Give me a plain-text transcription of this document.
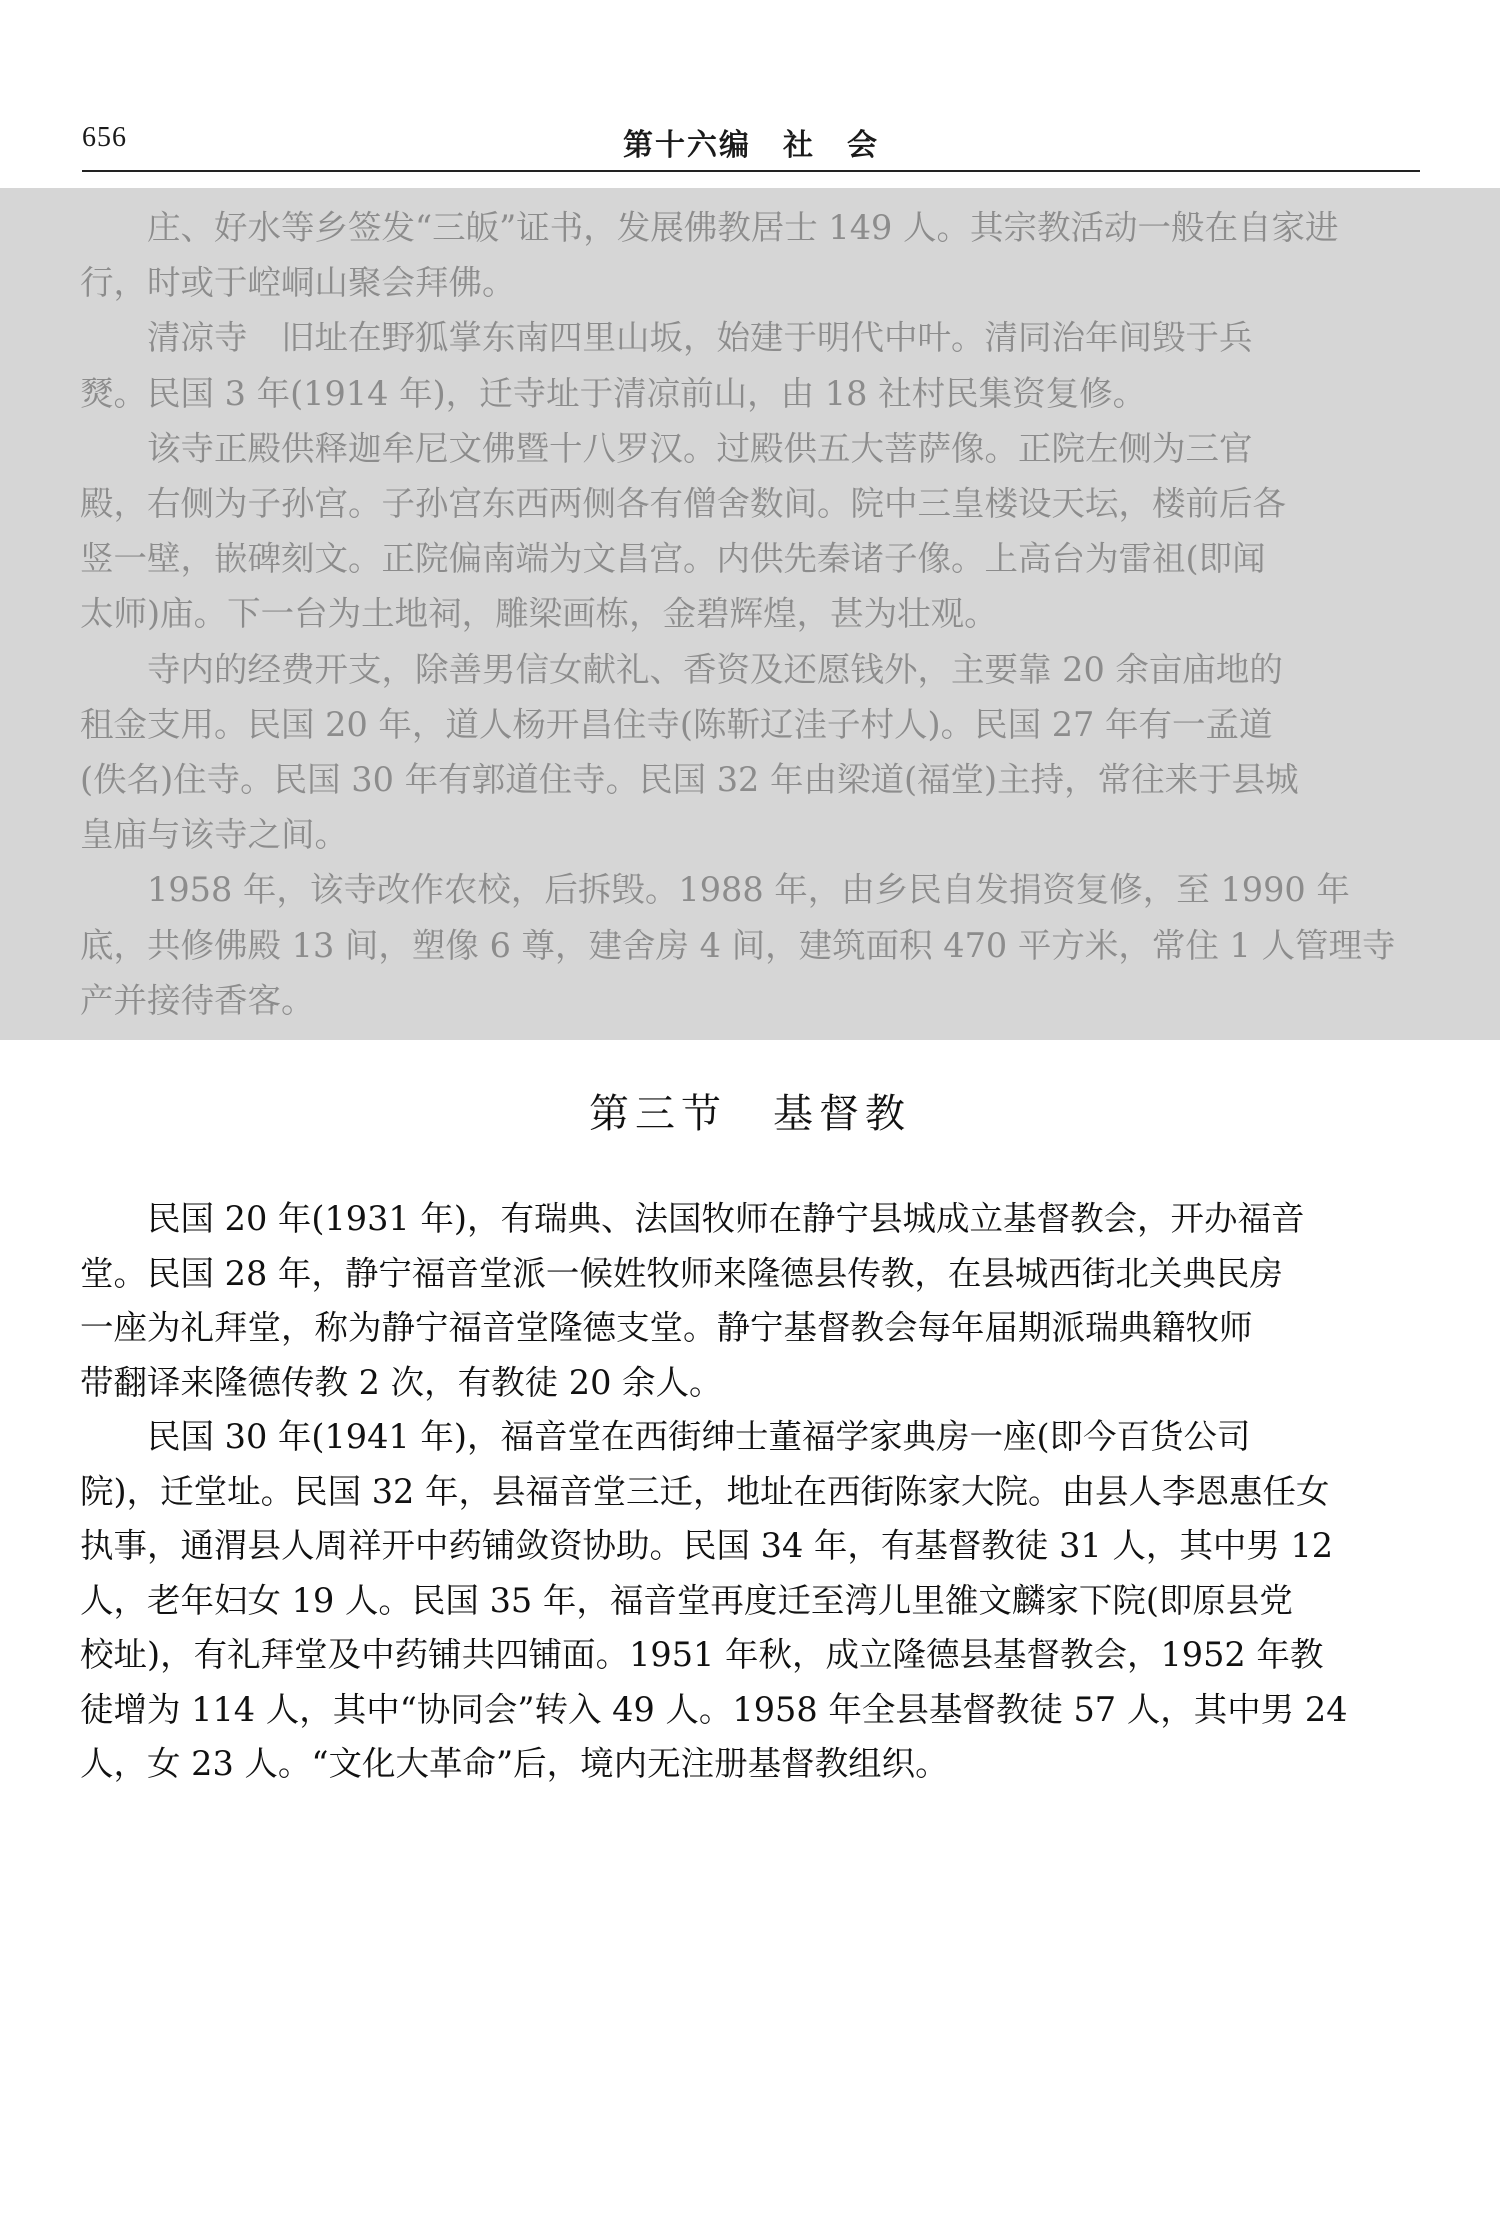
656	第十六编　社　会
庄、好水等乡签发“三皈”证书，发展佛教居士 149 人。其宗教活动一般在自家进
行，时或于崆峒山聚会拜佛。
清凉寺　旧址在野狐掌东南四里山坂，始建于明代中叶。清同治年间毁于兵
燹。民国 3 年(1914 年)，迁寺址于清凉前山，由 18 社村民集资复修。
该寺正殿供释迦牟尼文佛暨十八罗汉。过殿供五大菩萨像。正院左侧为三官
殿，右侧为子孙宫。子孙宫东西两侧各有僧舍数间。院中三皇楼设天坛，楼前后各
竖一壁，嵌碑刻文。正院偏南端为文昌宫。内供先秦诸子像。上高台为雷祖(即闻
太师)庙。下一台为土地祠，雕梁画栋，金碧辉煌，甚为壮观。
寺内的经费开支，除善男信女献礼、香资及还愿钱外，主要靠 20 余亩庙地的
租金支用。民国 20 年，道人杨开昌住寺(陈靳辽洼子村人)。民国 27 年有一孟道
(佚名)住寺。民国 30 年有郭道住寺。民国 32 年由梁道(福堂)主持，常往来于县城
皇庙与该寺之间。
1958 年，该寺改作农校，后拆毁。1988 年，由乡民自发捐资复修，至 1990 年
底，共修佛殿 13 间，塑像 6 尊，建舍房 4 间，建筑面积 470 平方米，常住 1 人管理寺
产并接待香客。
第三节　基督教
民国 20 年(1931 年)，有瑞典、法国牧师在静宁县城成立基督教会，开办福音
堂。民国 28 年，静宁福音堂派一候姓牧师来隆德县传教，在县城西街北关典民房
一座为礼拜堂，称为静宁福音堂隆德支堂。静宁基督教会每年届期派瑞典籍牧师
带翻译来隆德传教 2 次，有教徒 20 余人。
民国 30 年(1941 年)，福音堂在西街绅士董福学家典房一座(即今百货公司
院)，迁堂址。民国 32 年，县福音堂三迁，地址在西街陈家大院。由县人李恩惠任女
执事，通渭县人周祥开中药铺敛资协助。民国 34 年，有基督教徒 31 人，其中男 12
人，老年妇女 19 人。民国 35 年，福音堂再度迁至湾儿里雒文麟家下院(即原县党
校址)，有礼拜堂及中药铺共四铺面。1951 年秋，成立隆德县基督教会，1952 年教
徒增为 114 人，其中“协同会”转入 49 人。1958 年全县基督教徒 57 人，其中男 24
人，女 23 人。“文化大革命”后，境内无注册基督教组织。
